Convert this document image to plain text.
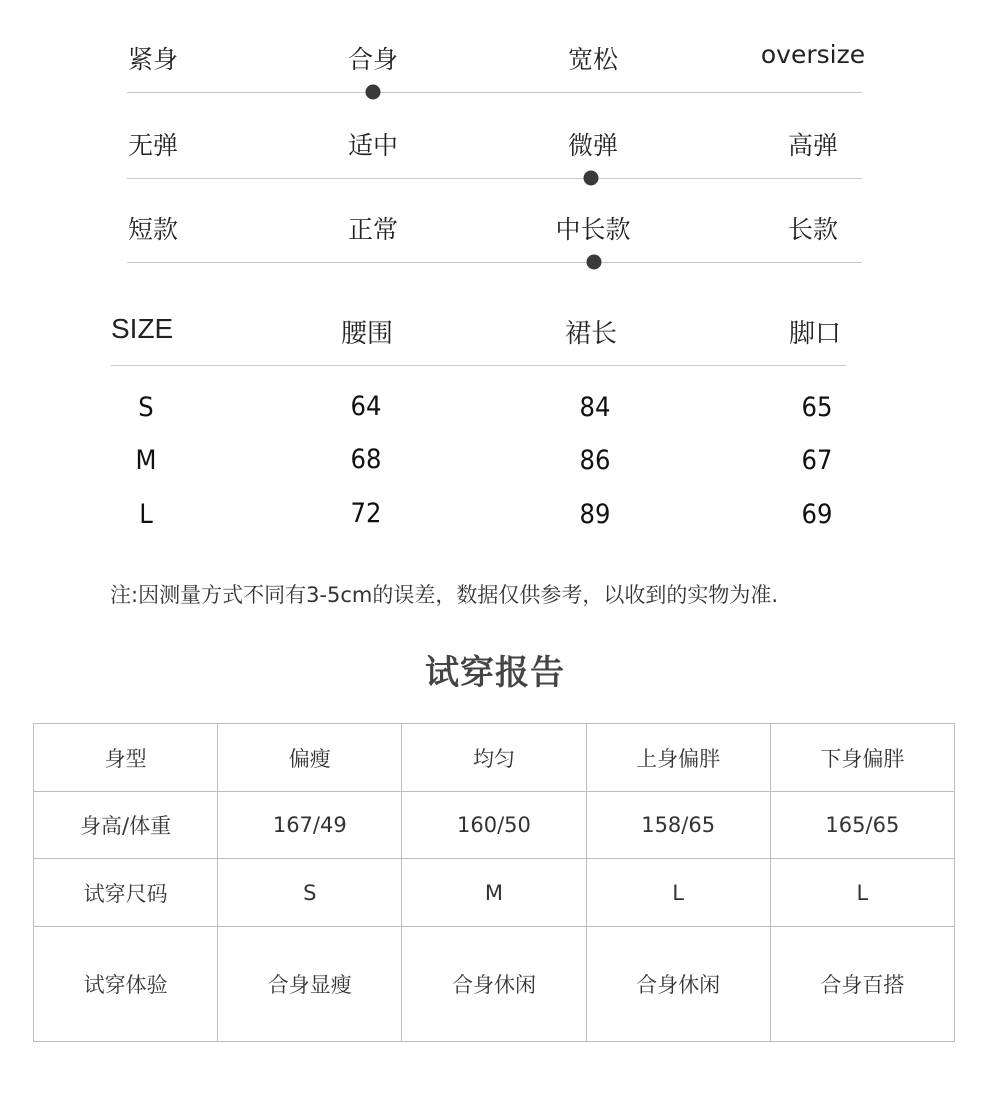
紧身	合身	宽松	oversize
无弹	适中	微弹	高弹
短款	正常	中长款	长款
SIZE	腰围	裙长	脚口
S	64	84	65
M	68	86	67
L	72	89	69
注:因测量方式不同有3-5cm的误差，数据仅供参考，以收到的实物为准.
试穿报告
身型	偏瘦	均匀	上身偏胖	下身偏胖
身高/体重	167/49	160/50	158/65	165/65
试穿尺码	S	M	L	L
试穿体验	合身显瘦	合身休闲	合身休闲	合身百搭
